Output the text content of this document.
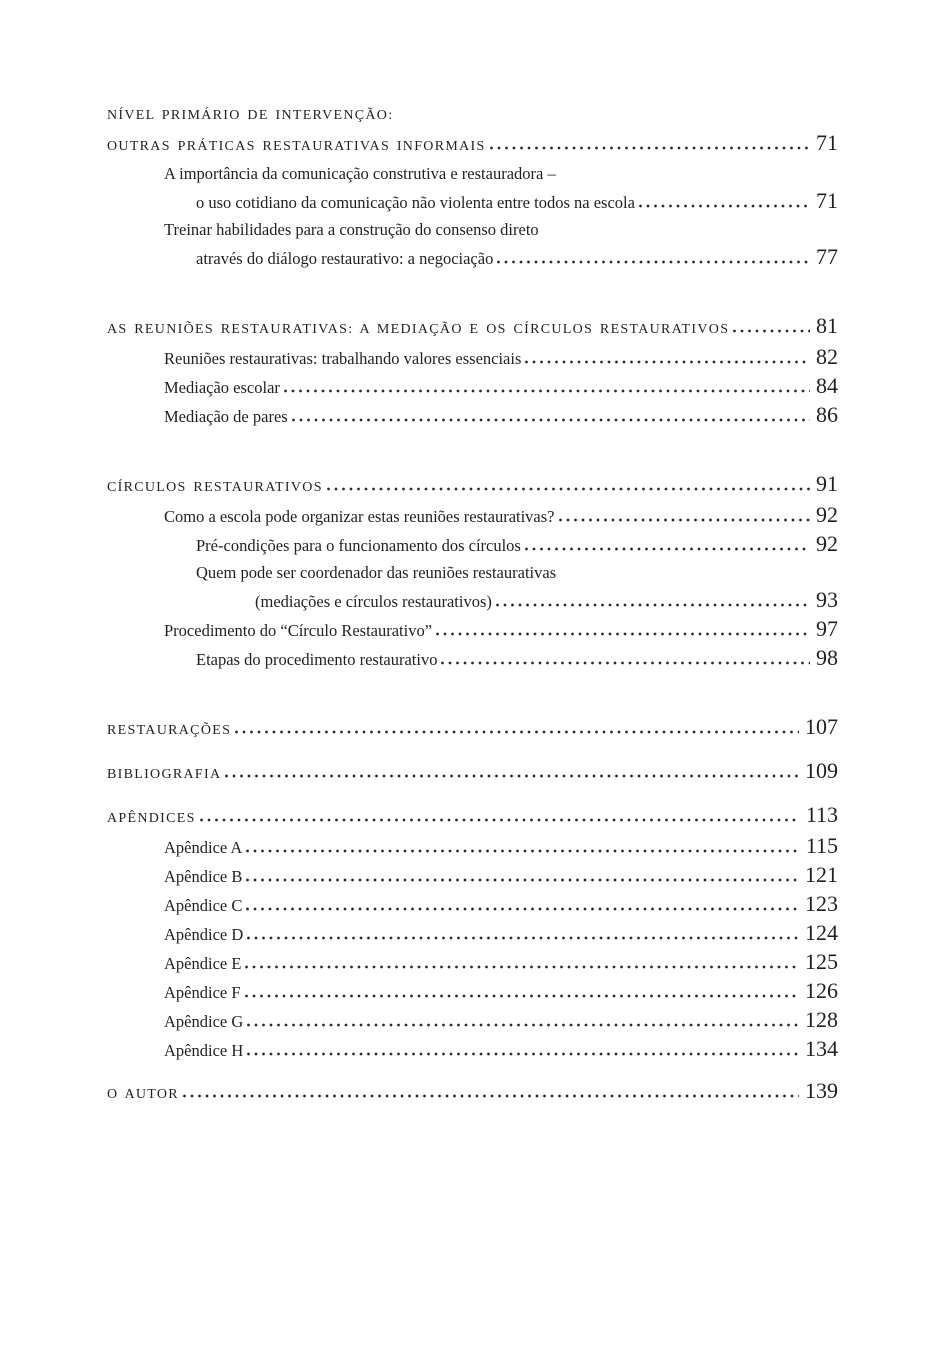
NÍVEL PRIMÁRIO DE INTERVENÇÃO:
OUTRAS PRÁTICAS RESTAURATIVAS INFORMAIS	71
A importância da comunicação construtiva e restauradora –
o uso cotidiano da comunicação não violenta entre todos na escola	71
Treinar habilidades para a construção do consenso direto
através do diálogo restaurativo: a negociação	77
AS REUNIÕES RESTAURATIVAS: A MEDIAÇÃO E OS CÍRCULOS RESTAURATIVOS	81
Reuniões restaurativas: trabalhando valores essenciais	82
Mediação escolar	84
Mediação de pares	86
CÍRCULOS RESTAURATIVOS	91
Como a escola pode organizar estas reuniões restaurativas?	92
Pré-condições para o funcionamento dos círculos	92
Quem pode ser coordenador das reuniões restaurativas
(mediações e círculos restaurativos)	93
Procedimento do “Círculo Restaurativo”	97
Etapas do procedimento restaurativo	98
RESTAURAÇÕES	107
BIBLIOGRAFIA	109
APÊNDICES	113
Apêndice A	115
Apêndice B	121
Apêndice C	123
Apêndice D	124
Apêndice E	125
Apêndice F	126
Apêndice G	128
Apêndice H	134
O AUTOR	139
